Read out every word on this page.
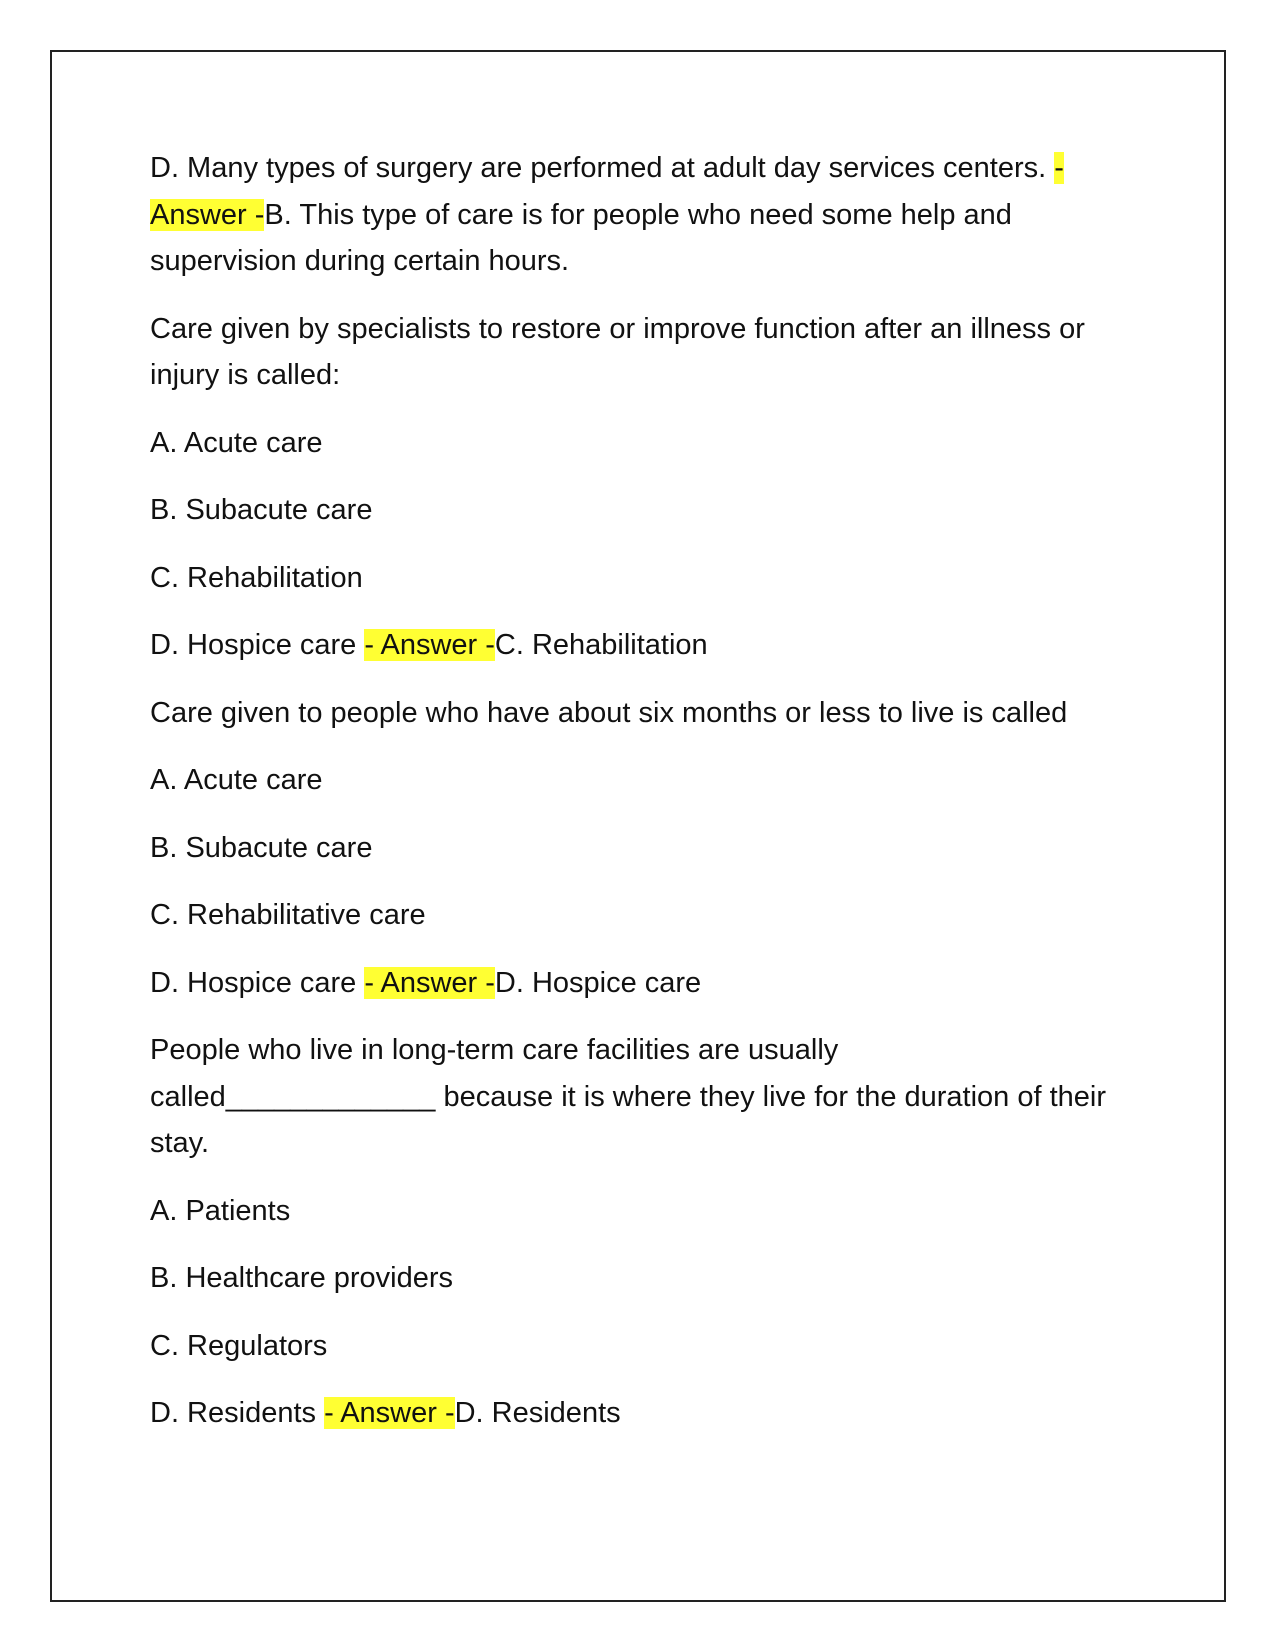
D. Many types of surgery are performed at adult day services centers. - Answer -B. This type of care is for people who need some help and supervision during certain hours.

Care given by specialists to restore or improve function after an illness or injury is called:

A. Acute care

B. Subacute care

C. Rehabilitation

D. Hospice care - Answer -C. Rehabilitation

Care given to people who have about six months or less to live is called

A. Acute care

B. Subacute care

C. Rehabilitative care

D. Hospice care - Answer -D. Hospice care

People who live in long-term care facilities are usually called_____________ because it is where they live for the duration of their stay.

A. Patients

B. Healthcare providers

C. Regulators

D. Residents - Answer -D. Residents
